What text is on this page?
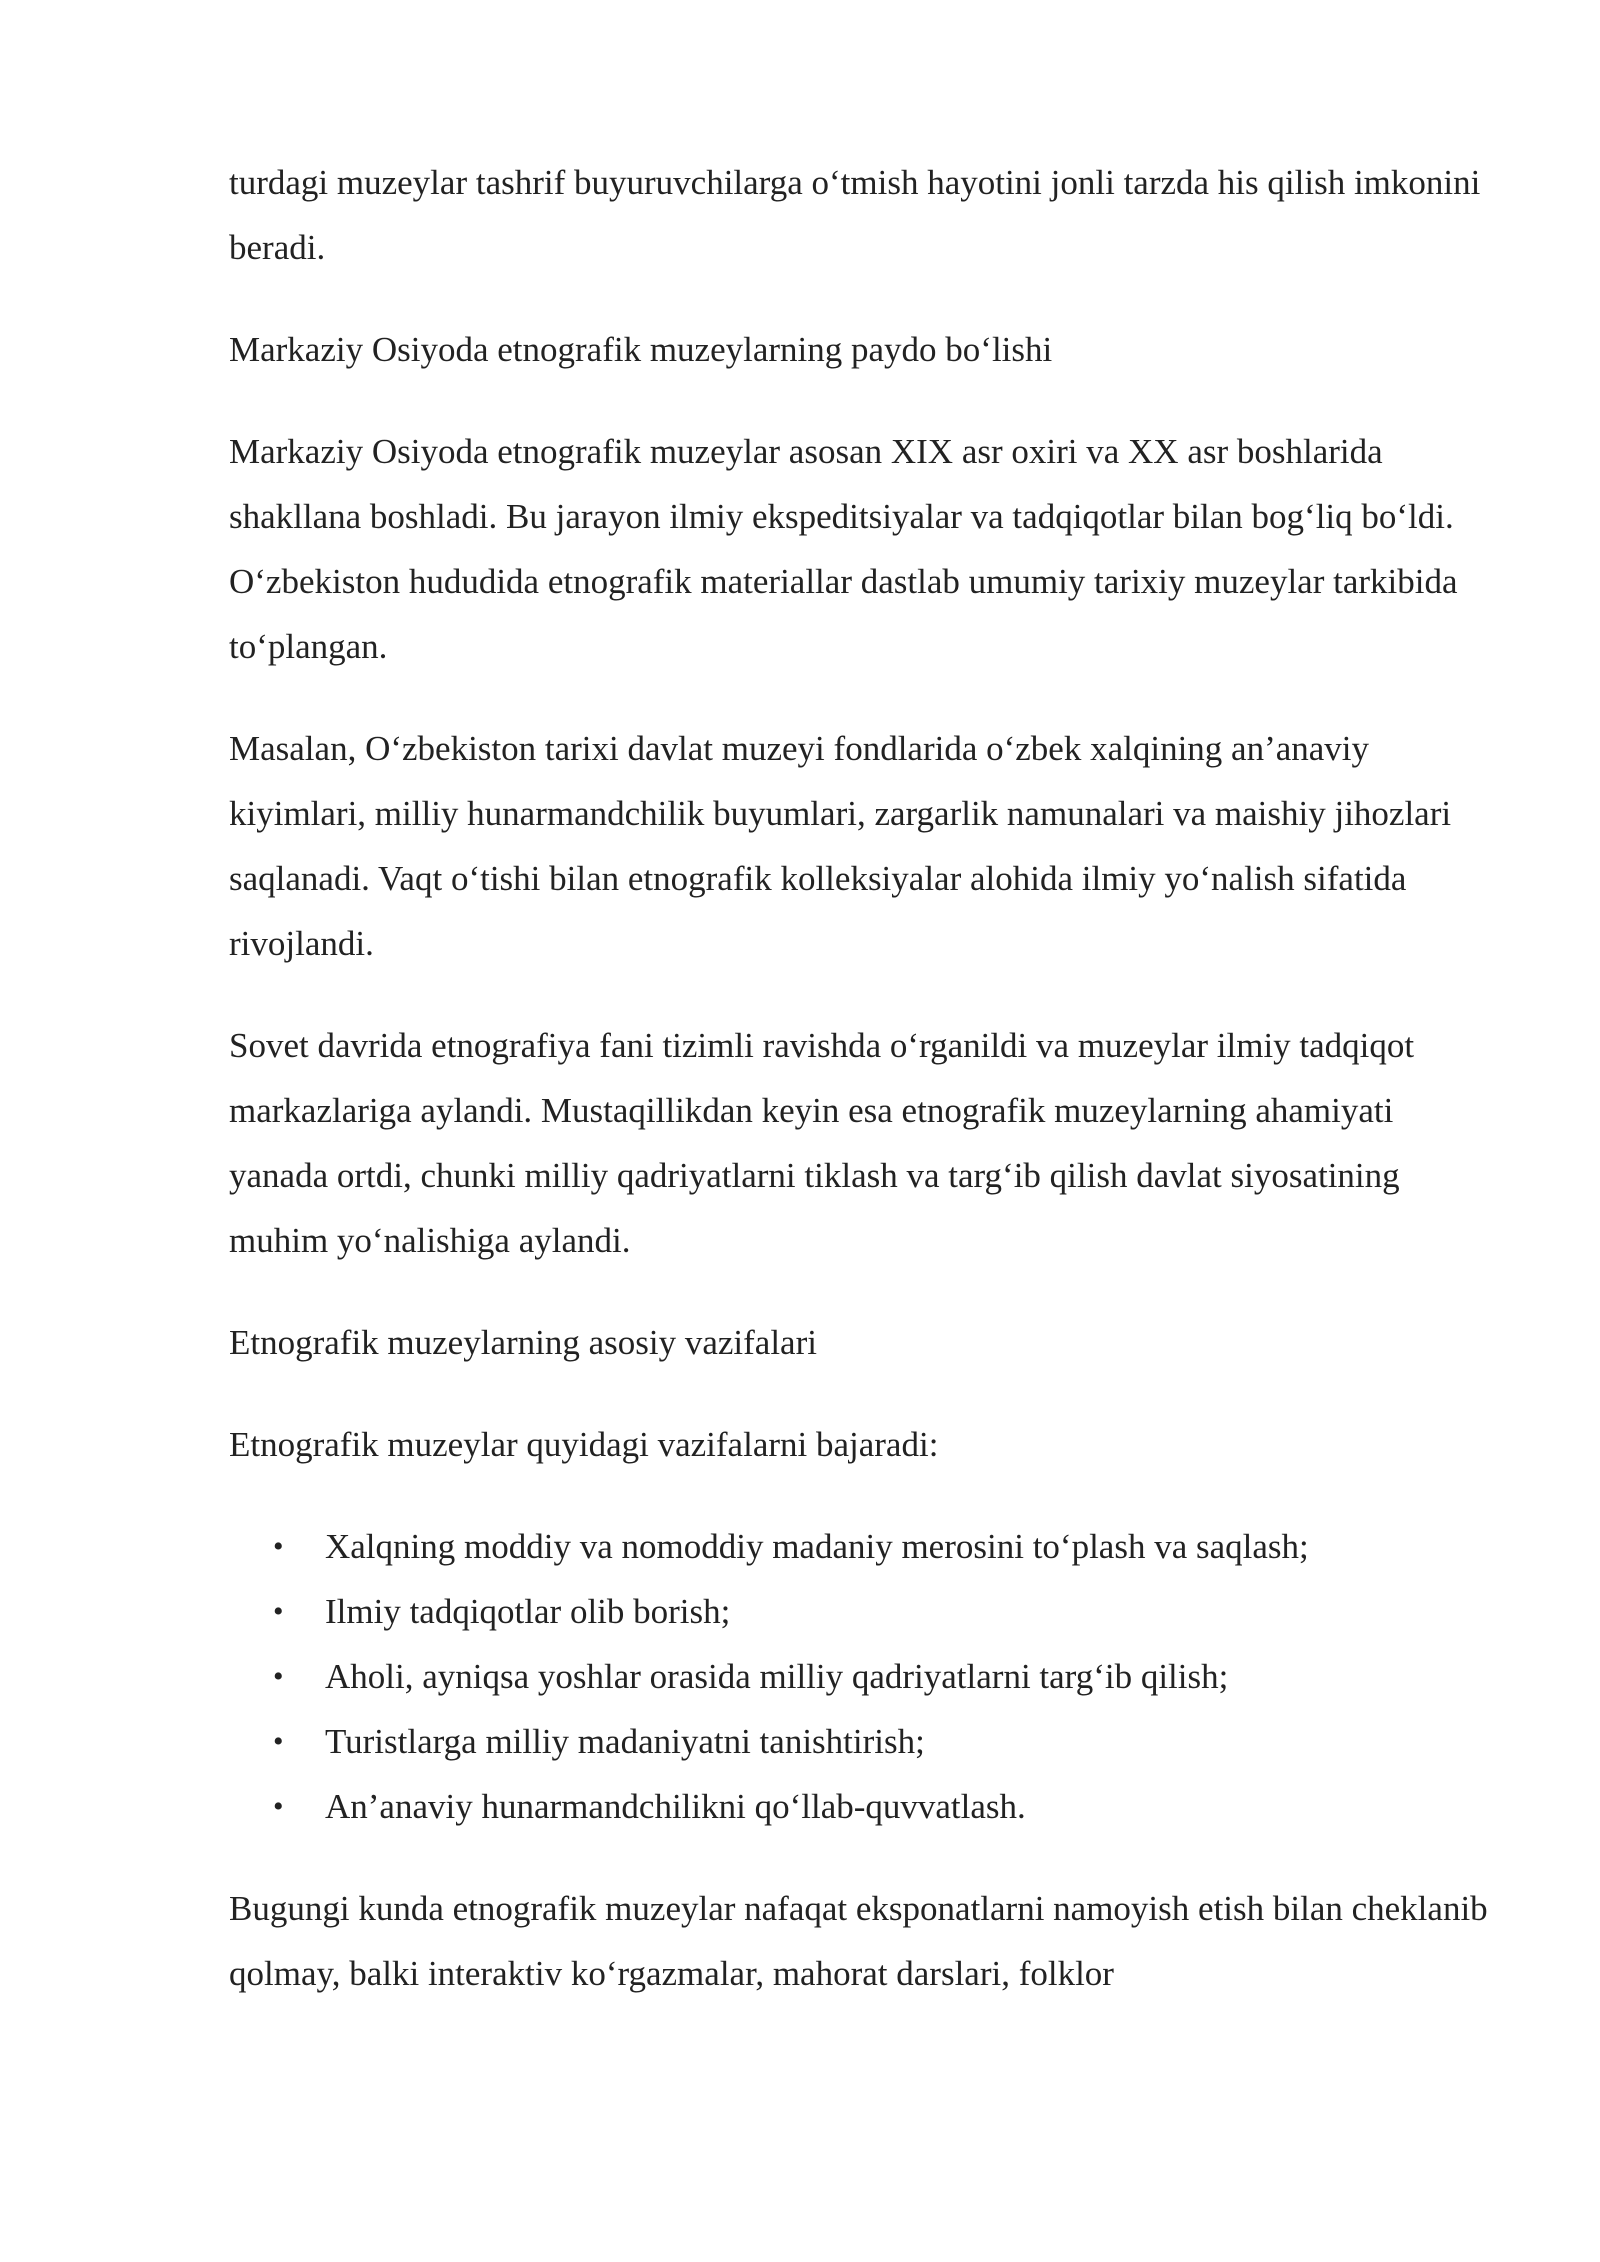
turdagi muzeylar tashrif buyuruvchilarga o‘tmish hayotini jonli tarzda his qilish imkonini beradi.

Markaziy Osiyoda etnografik muzeylarning paydo bo‘lishi

Markaziy Osiyoda etnografik muzeylar asosan XIX asr oxiri va XX asr boshlarida shakllana boshladi. Bu jarayon ilmiy ekspeditsiyalar va tadqiqotlar bilan bog‘liq bo‘ldi. O‘zbekiston hududida etnografik materiallar dastlab umumiy tarixiy muzeylar tarkibida to‘plangan.

Masalan, O‘zbekiston tarixi davlat muzeyi fondlarida o‘zbek xalqining an’anaviy kiyimlari, milliy hunarmandchilik buyumlari, zargarlik namunalari va maishiy jihozlari saqlanadi. Vaqt o‘tishi bilan etnografik kolleksiyalar alohida ilmiy yo‘nalish sifatida rivojlandi.

Sovet davrida etnografiya fani tizimli ravishda o‘rganildi va muzeylar ilmiy tadqiqot markazlariga aylandi. Mustaqillikdan keyin esa etnografik muzeylarning ahamiyati yanada ortdi, chunki milliy qadriyatlarni tiklash va targ‘ib qilish davlat siyosatining muhim yo‘nalishiga aylandi.

Etnografik muzeylarning asosiy vazifalari

Etnografik muzeylar quyidagi vazifalarni bajaradi:

• Xalqning moddiy va nomoddiy madaniy merosini to‘plash va saqlash;
• Ilmiy tadqiqotlar olib borish;
• Aholi, ayniqsa yoshlar orasida milliy qadriyatlarni targ‘ib qilish;
• Turistlarga milliy madaniyatni tanishtirish;
• An’anaviy hunarmandchilikni qo‘llab-quvvatlash.

Bugungi kunda etnografik muzeylar nafaqat eksponatlarni namoyish etish bilan cheklanib qolmay, balki interaktiv ko‘rgazmalar, mahorat darslari, folklor
